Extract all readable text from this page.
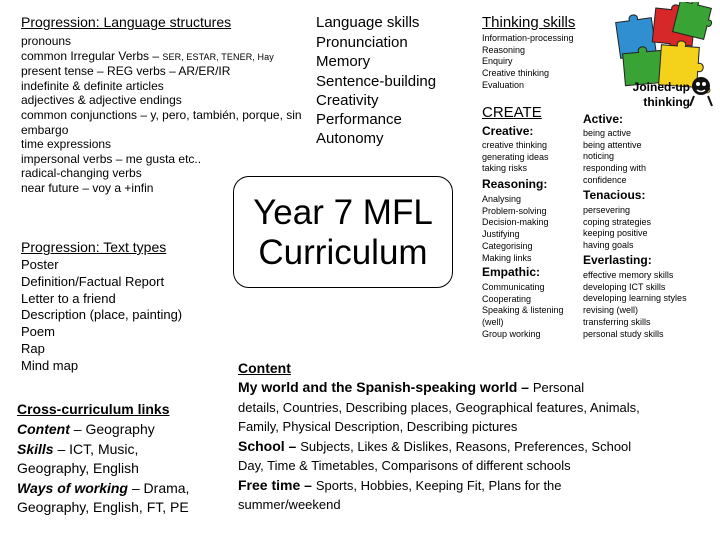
Progression: Language structures
pronouns
common Irregular Verbs – SER, ESTAR, TENER, Hay
present tense – REG verbs – AR/ER/IR
indefinite & definite articles
adjectives & adjective endings
common conjunctions – y, pero, también, porque, sin
embargo
time expressions
impersonal verbs – me gusta etc..
radical-changing verbs
near future – voy a +infin
Language skills
Pronunciation
Memory
Sentence-building
Creativity
Performance
Autonomy
Thinking skills
Information-processing
Reasoning
Enquiry
Creative thinking
Evaluation	Joined-up thinking
Year 7 MFL
Curriculum
Progression: Text types
Poster
Definition/Factual Report
Letter to a friend
Description (place, painting)
Poem
Rap
Mind map
CREATE
Creative:
creative thinking
generating ideas
taking risks
Reasoning:
Analysing
Problem-solving
Decision-making
Justifying
Categorising
Making links
Empathic:
Communicating
Cooperating
Speaking & listening
(well)
Group working
Active:
being active
being attentive
noticing
responding with
confidence
Tenacious:
persevering
coping strategies
keeping positive
having goals
Everlasting:
effective memory skills
developing ICT skills
developing learning styles
revising (well)
transferring skills
personal study skills
Content
My world and the Spanish-speaking world – Personal
details, Countries, Describing places, Geographical features, Animals,
Family, Physical Description, Describing pictures
School – Subjects, Likes & Dislikes, Reasons, Preferences, School
Day, Time & Timetables, Comparisons of different schools
Free time – Sports, Hobbies, Keeping Fit, Plans for the
summer/weekend
Cross-curriculum links
Content – Geography
Skills – ICT, Music,
Geography, English
Ways of working – Drama,
Geography, English, FT, PE
